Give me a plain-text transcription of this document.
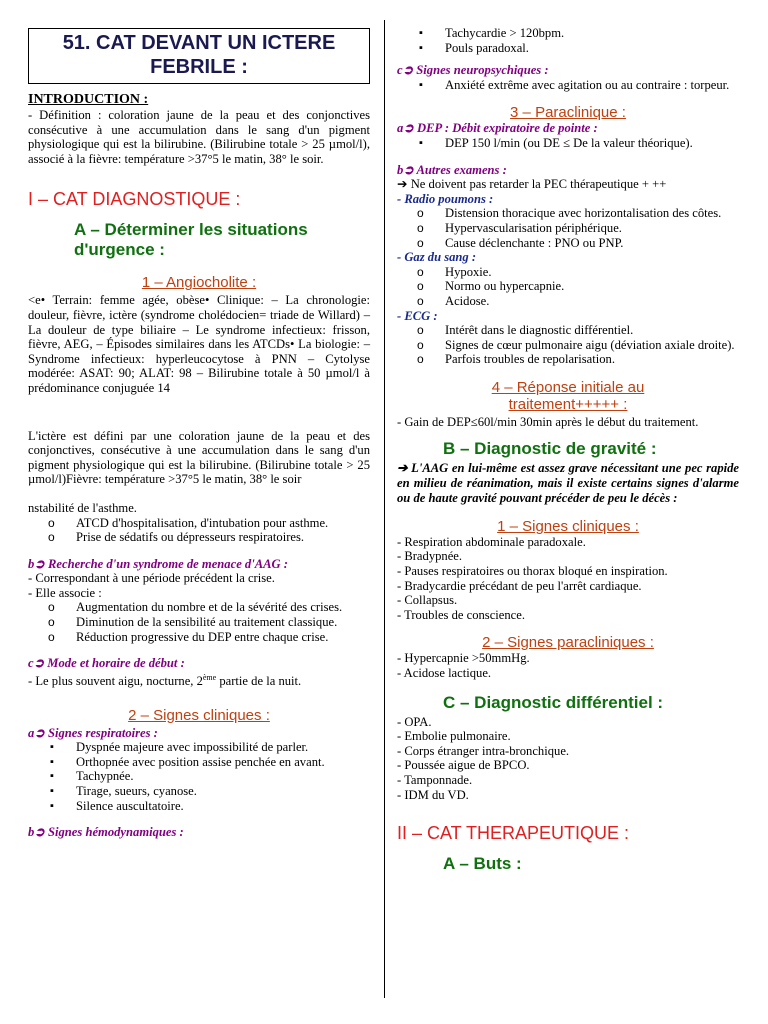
51. CAT DEVANT UN ICTERE FEBRILE :
INTRODUCTION :

- Définition : coloration jaune de la peau et des conjonctives consécutive à une accumulation dans le sang d'un pigment physiologique qui est la bilirubine. (Bilirubine totale > 25 µmol/l), associé à la fièvre: température >37°5 le matin, 38° le soir.

I – CAT DIAGNOSTIQUE :
A – Déterminer les situations d'urgence :
1 – Angiocholite :

<e• Terrain: femme agée, obèse• Clinique: – La chronologie: douleur, fièvre, ictère (syndrome cholédocien= triade de Willard) – La douleur de type biliaire – Le syndrome infectieux: frisson, fièvre, AEG, – Épisodes similaires dans les ATCDs• La biologie: – Syndrome infectieux: hyperleucocytose à PNN – Cytolyse modérée: ASAT: 90; ALAT: 98 – Bilirubine totale à 50 µmol/l à prédominance conjuguée 14

L'ictère est défini par une coloration jaune de la peau et des conjonctives, consécutive à une accumulation dans le sang d'un pigment physiologique qui est la bilirubine. (Bilirubine totale > 25 µmol/l)Fièvre: température >37°5 le matin, 38° le soir

nstabilité de l'asthme.

o ATCD d'hospitalisation, d'intubation pour asthme.
o Prise de sédatifs ou dépresseurs respiratoires.
b➲ Recherche d'un syndrome de menace d'AAG :

- Correspondant à une période précédent la crise.

- Elle associe :

o Augmentation du nombre et de la sévérité des crises.
o Diminution de la sensibilité au traitement classique.
o Réduction progressive du DEP entre chaque crise.
c➲ Mode et horaire de début :

- Le plus souvent aigu, nocturne, 2ème partie de la nuit.

2 – Signes cliniques :
a➲ Signes respiratoires :
▪ Dyspnée majeure avec impossibilité de parler.
▪ Orthopnée avec position assise penchée en avant.
▪ Tachypnée.
▪ Tirage, sueurs, cyanose.
▪ Silence auscultatoire.
b➲ Signes hémodynamiques :
▪ Tachycardie > 120bpm.
▪ Pouls paradoxal.
c➲ Signes neuropsychiques :
▪ Anxiété extrême avec agitation ou au contraire : torpeur.
3 – Paraclinique :
a➲ DEP : Débit expiratoire de pointe :
▪ DEP 150 l/min (ou DE ≤ De la valeur théorique).
b➲ Autres examens :

➔ Ne doivent pas retarder la PEC thérapeutique + ++

- Radio poumons :
o Distension thoracique avec horizontalisation des côtes.
o Hypervascularisation périphérique.
o Cause déclenchante : PNO ou PNP.
- Gaz du sang :
o Hypoxie.
o Normo ou hypercapnie.
o Acidose.
- ECG :
o Intérêt dans le diagnostic différentiel.
o Signes de cœur pulmonaire aigu (déviation axiale droite).
o Parfois troubles de repolarisation.
4 – Réponse initiale au traitement+++++ :

- Gain de DEP≤60l/min 30min après le début du traitement.

B – Diagnostic de gravité :

➔ L'AAG en lui-même est assez grave nécessitant une pec rapide en milieu de réanimation, mais il existe certains signes d'alarme ou de haute gravité pouvant précéder de peu le décès :

1 – Signes cliniques :

- Respiration abdominale paradoxale.

- Bradypnée.

- Pauses respiratoires ou thorax bloqué en inspiration.

- Bradycardie précédant de peu l'arrêt cardiaque.

- Collapsus.

- Troubles de conscience.

2 – Signes paracliniques :

- Hypercapnie >50mmHg.

- Acidose lactique.

C – Diagnostic différentiel :

- OPA.

- Embolie pulmonaire.

- Corps étranger intra-bronchique.

- Poussée aigue de BPCO.

- Tamponnade.

- IDM du VD.

II – CAT THERAPEUTIQUE :
A – Buts :
